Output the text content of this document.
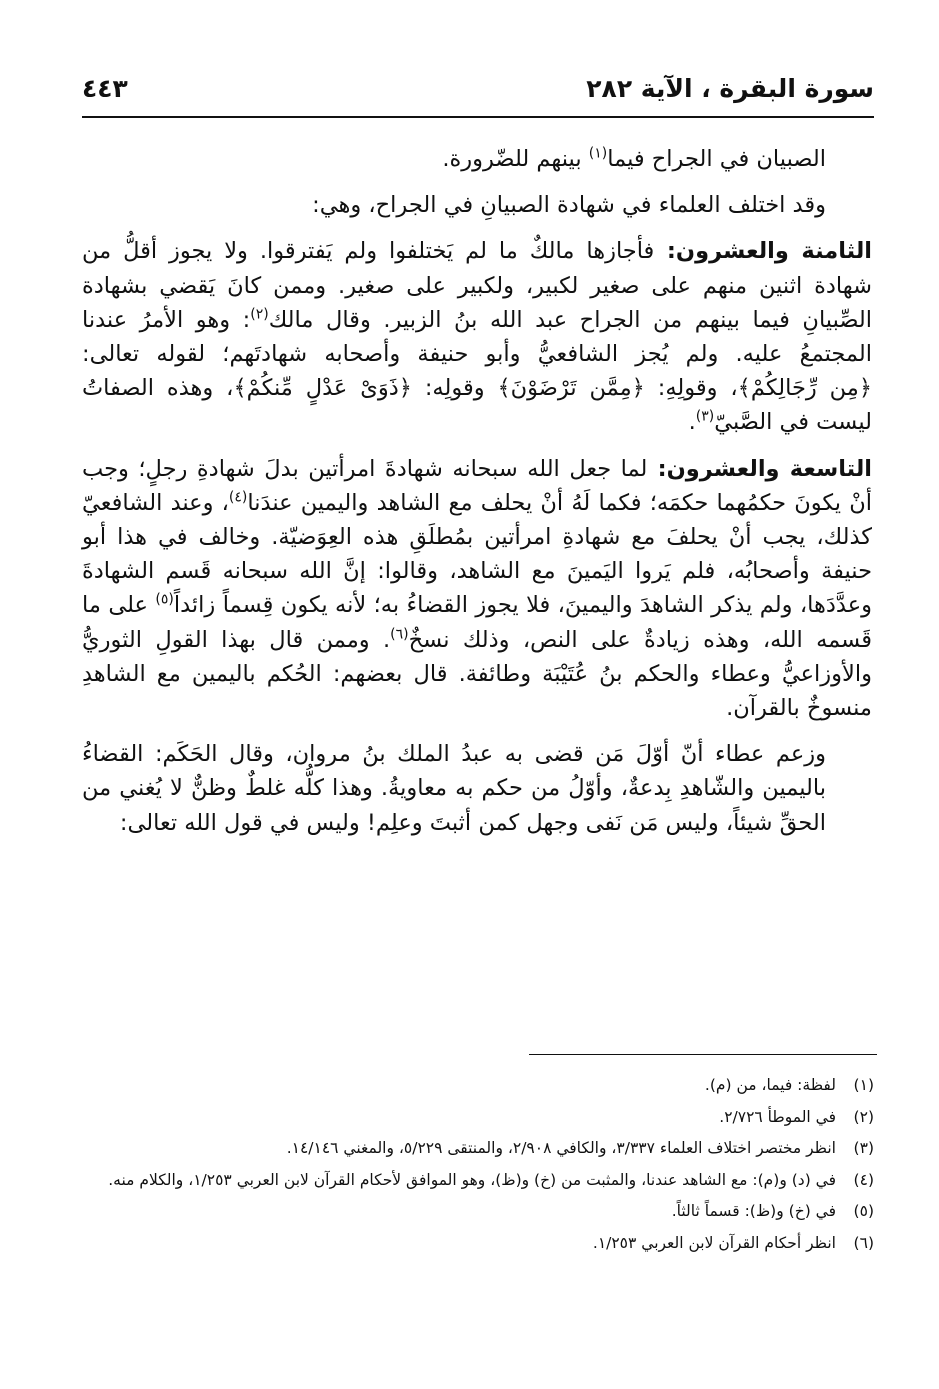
سورة البقرة ، الآية ٢٨٢
٤٤٣

الصبيان في الجراح فيما$^{(١)}$ بينهم للضّرورة.

وقد اختلف العلماء في شهادة الصبيانِ في الجراح، وهي:

الثامنة والعشرون: فأجازها مالكٌ ما لم يَختلفوا ولم يَفترقوا. ولا يجوز أقلُّ من شهادة اثنين منهم على صغير لكبير، ولكبير على صغير. وممن كانَ يَقضي بشهادة الصِّبيانِ فيما بينهم من الجراح عبد الله بنُ الزبير. وقال مالك$^{(٢)}$: وهو الأمرُ عندنا المجتمعُ عليه. ولم يُجز الشافعيُّ وأبو حنيفة وأصحابه شهادتَهم؛ لقوله تعالى: ﴿مِن رِّجَالِكُمْ﴾، وقولِهِ: ﴿مِمَّن تَرْضَوْنَ﴾ وقولِه: ﴿ذَوَىْ عَدْلٍ مِّنكُمْ﴾، وهذه الصفاتُ ليست في الصَّبيّ$^{(٣)}$.

التاسعة والعشرون: لما جعل الله سبحانه شهادةَ امرأتين بدلَ شهادةِ رجلٍ؛ وجب أنْ يكونَ حكمُهما حكمَه؛ فكما لَهُ أنْ يحلف مع الشاهد واليمين عندَنا$^{(٤)}$، وعند الشافعيّ كذلك، يجب أنْ يحلفَ مع شهادةِ امرأتين بمُطلَقِ هذه العِوَضيّة. وخالف في هذا أبو حنيفة وأصحابُه، فلم يَروا اليَمينَ مع الشاهد، وقالوا: إنَّ الله سبحانه قَسم الشهادةَ وعدَّدَها، ولم يذكر الشاهدَ واليمينَ، فلا يجوز القضاءُ به؛ لأنه يكون قِسماً زائداً$^{(٥)}$ على ما قَسمه الله، وهذه زيادةٌ على النص، وذلك نسخٌ$^{(٦)}$. وممن قال بهذا القولِ الثوريُّ والأوزاعيُّ وعطاء والحكم بنُ عُتَيْبَة وطائفة. قال بعضهم: الحُكم باليمين مع الشاهدِ منسوخٌ بالقرآن.

وزعم عطاء أنّ أوّلَ مَن قضى به عبدُ الملك بنُ مروان، وقال الحَكَم: القضاءُ باليمين والشّاهدِ بِدعةٌ، وأوّلُ من حكم به معاويةُ. وهذا كلُّه غلطٌ وظنٌّ لا يُغني من الحقِّ شيئاً، وليس مَن نَفى وجهل كمن أثبتَ وعلِم! وليس في قول الله تعالى:

(١)
لفظة: فيما، من (م).

(٢)
في الموطأ ٢/٧٢٦.

(٣)
انظر مختصر اختلاف العلماء ٣/٣٣٧، والكافي ٢/٩٠٨، والمنتقى ٥/٢٢٩، والمغني ١٤/١٤٦.

(٤)
في (د) و(م): مع الشاهد عندنا، والمثبت من (خ) و(ظ)، وهو الموافق لأحكام القرآن لابن العربي ١/٢٥٣، والكلام منه.

(٥)
في (خ) و(ظ): قسماً ثالثاً.

(٦)
انظر أحكام القرآن لابن العربي ١/٢٥٣.
